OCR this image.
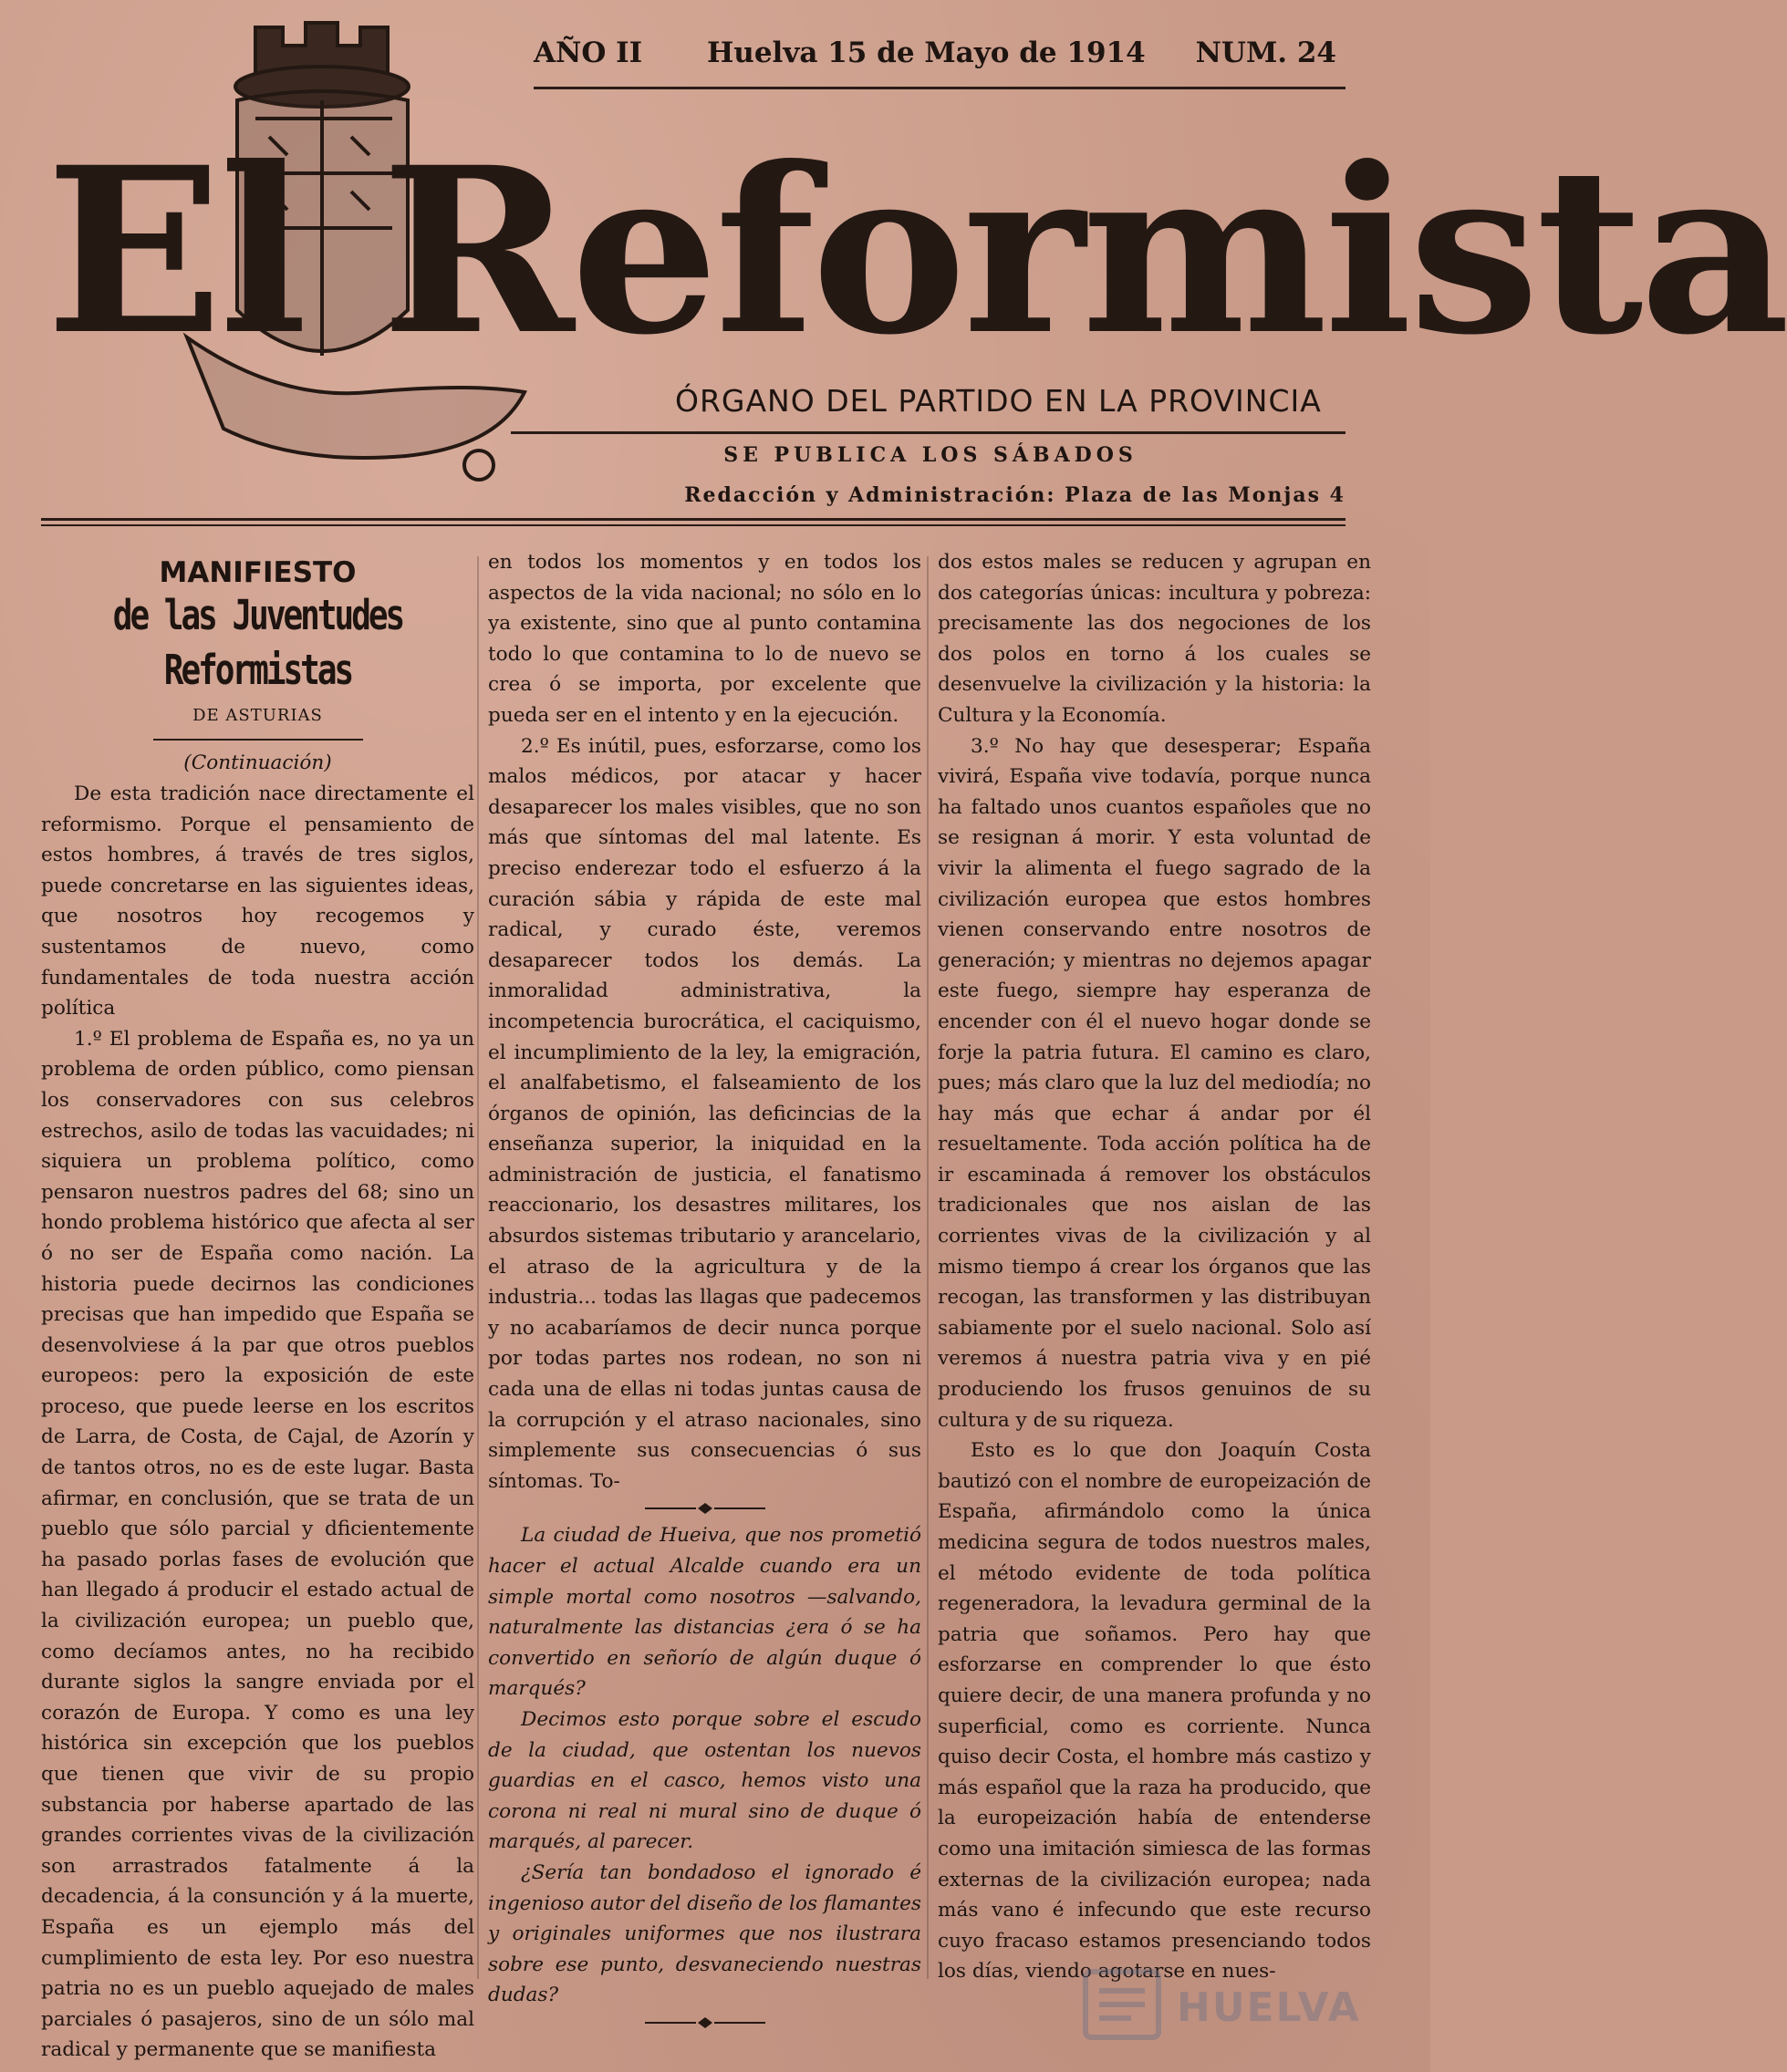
El Reformista
AÑO II Huelva 15 de Mayo de 1914 NUM. 24
ÓRGANO DEL PARTIDO EN LA PROVINCIA
SE PUBLICA LOS SÁBADOS
Redacción y Administración: Plaza de las Monjas 4
MANIFIESTO
de las Juventudes Reformistas
DE ASTURIAS
(Continuación)

De esta tradición nace directamente el reformismo. Porque el pensamiento de estos hombres, á través de tres siglos, puede concretarse en las siguientes ideas, que nosotros hoy recogemos y sustentamos de nuevo, como fundamentales de toda nuestra acción política

1.º El problema de España es, no ya un problema de orden público, como piensan los conservadores con sus celebros estrechos, asilo de todas las vacuidades; ni siquiera un problema político, como pensaron nuestros padres del 68; sino un hondo problema histórico que afecta al ser ó no ser de España como nación. La historia puede decirnos las condiciones precisas que han impedido que España se desenvolviese á la par que otros pueblos europeos: pero la exposición de este proceso, que puede leerse en los escritos de Larra, de Costa, de Cajal, de Azorín y de tantos otros, no es de este lugar. Basta afirmar, en conclusión, que se trata de un pueblo que sólo parcial y dficientemente ha pasado porlas fases de evolución que han llegado á producir el estado actual de la civilización europea; un pueblo que, como decíamos antes, no ha recibido durante siglos la sangre enviada por el corazón de Europa. Y como es una ley histórica sin excepción que los pueblos que tienen que vivir de su propio substancia por haberse apartado de las grandes corrientes vivas de la civilización son arrastrados fatalmente á la decadencia, á la consunción y á la muerte, España es un ejemplo más del cumplimiento de esta ley. Por eso nuestra patria no es un pueblo aquejado de males parciales ó pasajeros, sino de un sólo mal radical y permanente que se manifiesta

en todos los momentos y en todos los aspectos de la vida nacional; no sólo en lo ya existente, sino que al punto contamina todo lo que contamina to lo de nuevo se crea ó se importa, por excelente que pueda ser en el intento y en la ejecución.

2.º Es inútil, pues, esforzarse, como los malos médicos, por atacar y hacer desaparecer los males visibles, que no son más que síntomas del mal latente. Es preciso enderezar todo el esfuerzo á la curación sábia y rápida de este mal radical, y curado éste, veremos desaparecer todos los demás. La inmoralidad administrativa, la incompetencia burocrática, el caciquismo, el incumplimiento de la ley, la emigración, el analfabetismo, el falseamiento de los órganos de opinión, las deficincias de la enseñanza superior, la iniquidad en la administración de justicia, el fanatismo reaccionario, los desastres militares, los absurdos sistemas tributario y arancelario, el atraso de la agricultura y de la industria... todas las llagas que padecemos y no acabaríamos de decir nunca porque por todas partes nos rodean, no son ni cada una de ellas ni todas juntas causa de la corrupción y el atraso nacionales, sino simplemente sus consecuencias ó sus síntomas. To-

La ciudad de Hueiva, que nos prometió hacer el actual Alcalde cuando era un simple mortal como nosotros —salvando, naturalmente las distancias ¿era ó se ha convertido en señorío de algún duque ó marqués?

Decimos esto porque sobre el escudo de la ciudad, que ostentan los nuevos guardias en el casco, hemos visto una corona ni real ni mural sino de duque ó marqués, al parecer.

¿Sería tan bondadoso el ignorado é ingenioso autor del diseño de los flamantes y originales uniformes que nos ilustrara sobre ese punto, desvaneciendo nuestras dudas?

dos estos males se reducen y agrupan en dos categorías únicas: incultura y pobreza: precisamente las dos negociones de los dos polos en torno á los cuales se desenvuelve la civilización y la historia: la Cultura y la Economía.

3.º No hay que desesperar; España vivirá, España vive todavía, porque nunca ha faltado unos cuantos españoles que no se resignan á morir. Y esta voluntad de vivir la alimenta el fuego sagrado de la civilización europea que estos hombres vienen conservando entre nosotros de generación; y mientras no dejemos apagar este fuego, siempre hay esperanza de encender con él el nuevo hogar donde se forje la patria futura. El camino es claro, pues; más claro que la luz del mediodía; no hay más que echar á andar por él resueltamente. Toda acción política ha de ir escaminada á remover los obstáculos tradicionales que nos aislan de las corrientes vivas de la civilización y al mismo tiempo á crear los órganos que las recogan, las transformen y las distribuyan sabiamente por el suelo nacional. Solo así veremos á nuestra patria viva y en pié produciendo los frusos genuinos de su cultura y de su riqueza.

Esto es lo que don Joaquín Costa bautizó con el nombre de europeización de España, afirmándolo como la única medicina segura de todos nuestros males, el método evidente de toda política regeneradora, la levadura germinal de la patria que soñamos. Pero hay que esforzarse en comprender lo que ésto quiere decir, de una manera profunda y no superficial, como es corriente. Nunca quiso decir Costa, el hombre más castizo y más español que la raza ha producido, que la europeización había de entenderse como una imitación simiesca de las formas externas de la civilización europea; nada más vano é infecundo que este recurso cuyo fracaso estamos presenciando todos los días, viendo agotarse en nues-

HUELVA
